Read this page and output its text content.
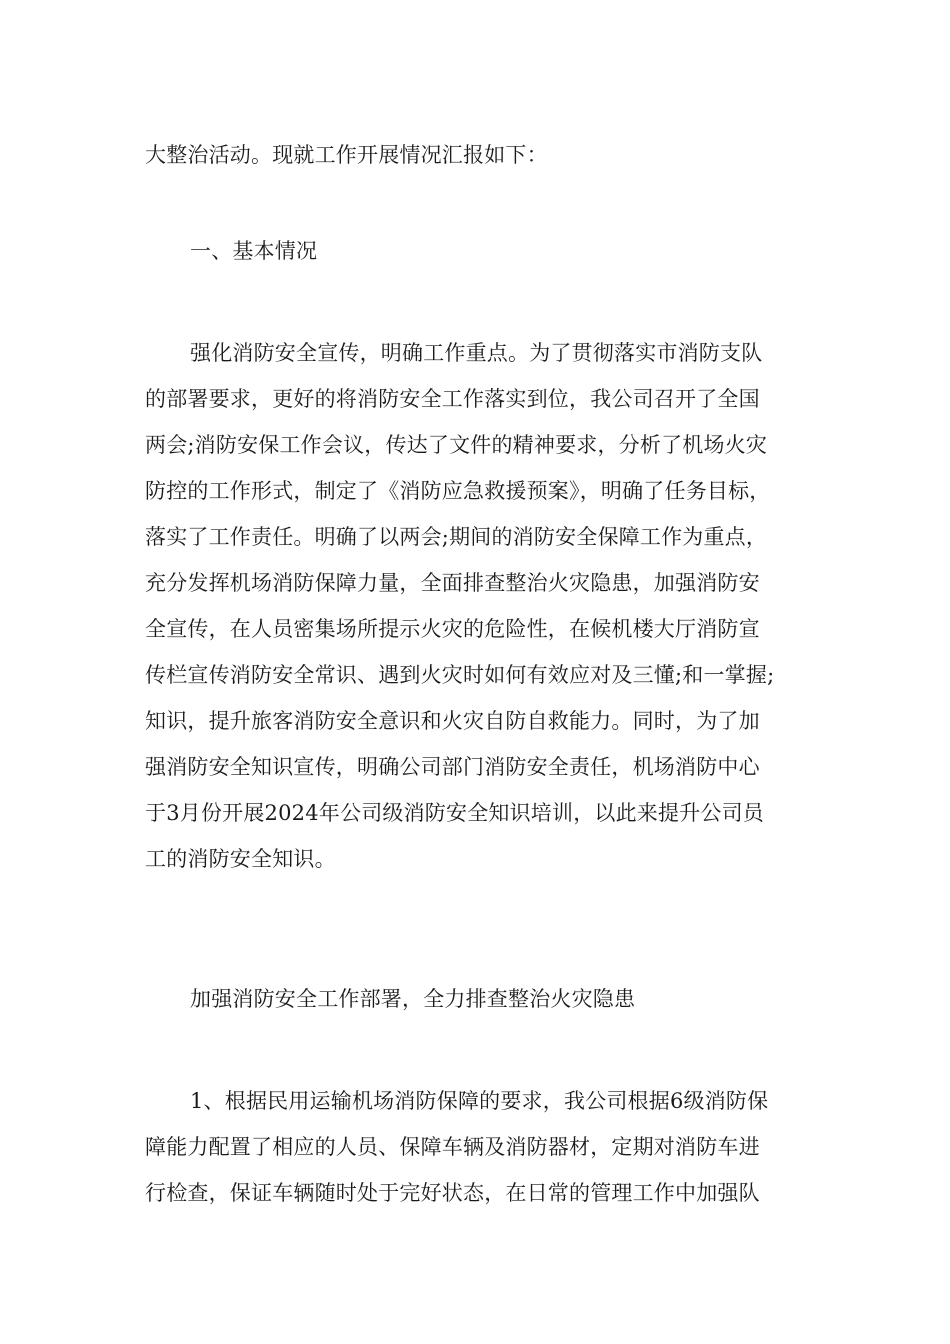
大整治活动。现就工作开展情况汇报如下：
一、基本情况
强化消防安全宣传，明确工作重点。为了贯彻落实市消防支队
的部署要求，更好的将消防安全工作落实到位，我公司召开了全国
两会;消防安保工作会议，传达了文件的精神要求，分析了机场火灾
防控的工作形式，制定了《消防应急救援预案》，明确了任务目标，
落实了工作责任。明确了以两会;期间的消防安全保障工作为重点，
充分发挥机场消防保障力量，全面排查整治火灾隐患，加强消防安
全宣传，在人员密集场所提示火灾的危险性，在候机楼大厅消防宣
传栏宣传消防安全常识、遇到火灾时如何有效应对及三懂;和一掌握;
知识，提升旅客消防安全意识和火灾自防自救能力。同时，为了加
强消防安全知识宣传，明确公司部门消防安全责任，机场消防中心
于3月份开展2024年公司级消防安全知识培训，以此来提升公司员
工的消防安全知识。
加强消防安全工作部署，全力排查整治火灾隐患
1、根据民用运输机场消防保障的要求，我公司根据6级消防保
障能力配置了相应的人员、保障车辆及消防器材，定期对消防车进
行检查，保证车辆随时处于完好状态，在日常的管理工作中加强队
